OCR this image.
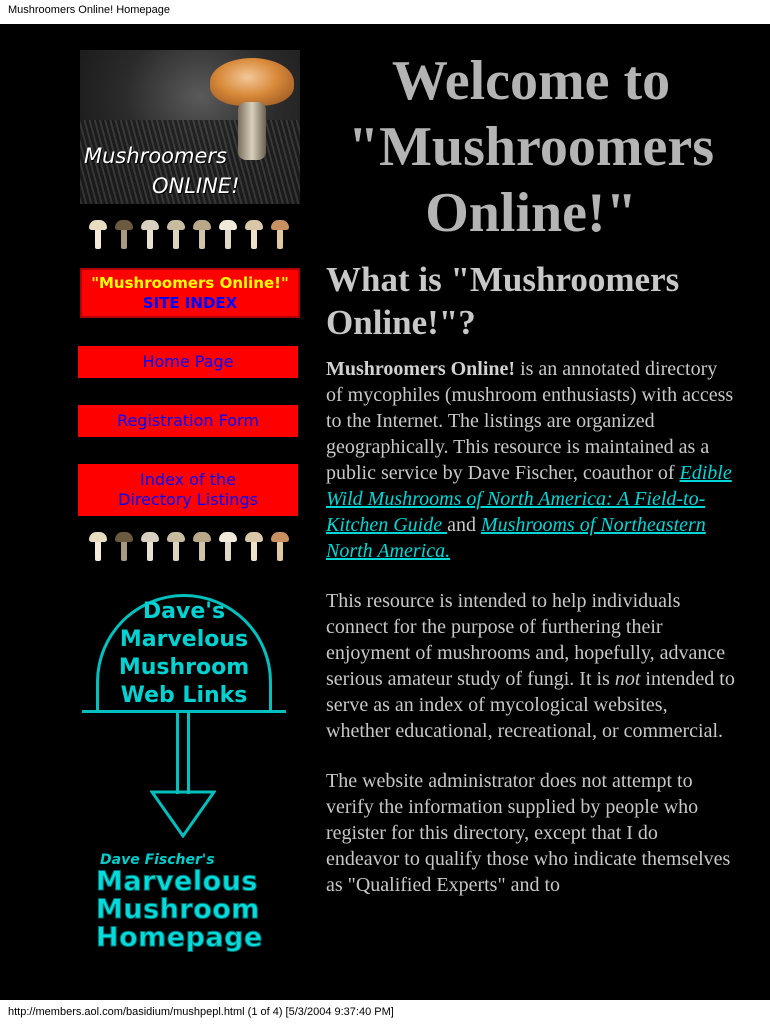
Mushroomers Online! Homepage
Mushroomers
ONLINE!
"Mushroomers Online!"
SITE INDEX
Home Page
Registration Form
Index of the
Directory Listings
Dave's
Marvelous
Mushroom
Web Links
Dave Fischer's
Marvelous
Mushroom
Homepage
Welcome to
"Mushroomers
Online!"
What is "Mushroomers Online!"?

Mushroomers Online! is an annotated directory of mycophiles (mushroom enthusiasts) with access to the Internet. The listings are organized geographically. This resource is maintained as a public service by Dave Fischer, coauthor of Edible Wild Mushrooms of North America: A Field-to-Kitchen Guide and Mushrooms of Northeastern North America.

This resource is intended to help individuals connect for the purpose of furthering their enjoyment of mushrooms and, hopefully, advance serious amateur study of fungi. It is not intended to serve as an index of mycological websites, whether educational, recreational, or commercial.

The website administrator does not attempt to verify the information supplied by people who register for this directory, except that I do endeavor to qualify those who indicate themselves as "Qualified Experts" and to

http://members.aol.com/basidium/mushpepl.html (1 of 4) [5/3/2004 9:37:40 PM]
